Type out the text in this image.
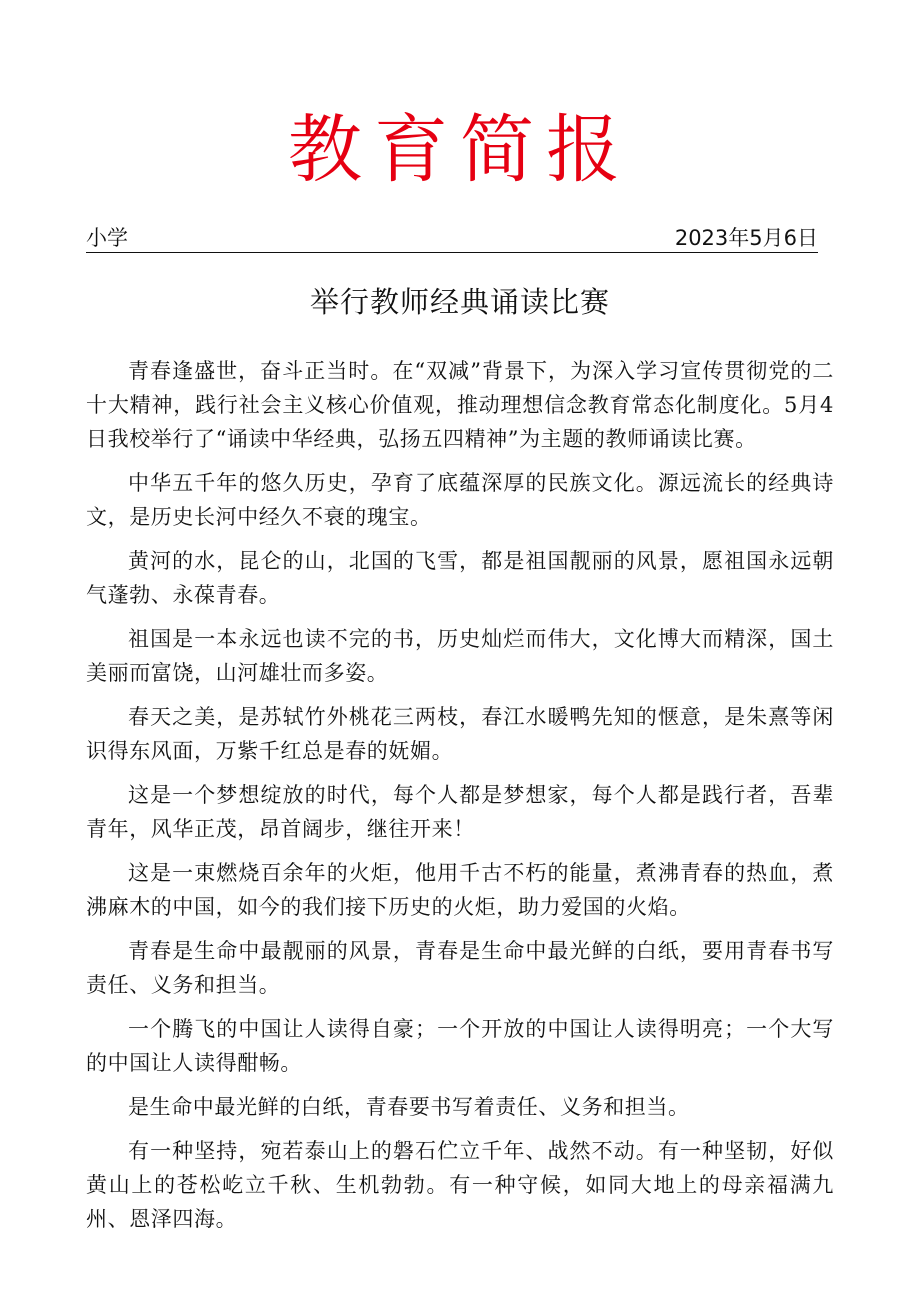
教育简报
小学	2023年5月6日
举行教师经典诵读比赛

青春逢盛世，奋斗正当时。在“双减”背景下，为深入学习宣传贯彻党的二十大精神，践行社会主义核心价值观，推动理想信念教育常态化制度化。5月4日我校举行了“诵读中华经典，弘扬五四精神”为主题的教师诵读比赛。

中华五千年的悠久历史，孕育了底蕴深厚的民族文化。源远流长的经典诗文，是历史长河中经久不衰的瑰宝。

黄河的水，昆仑的山，北国的飞雪，都是祖国靓丽的风景，愿祖国永远朝气蓬勃、永葆青春。

祖国是一本永远也读不完的书，历史灿烂而伟大，文化博大而精深，国土美丽而富饶，山河雄壮而多姿。

春天之美，是苏轼竹外桃花三两枝，春江水暖鸭先知的惬意，是朱熹等闲识得东风面，万紫千红总是春的妩媚。

这是一个梦想绽放的时代，每个人都是梦想家，每个人都是践行者，吾辈青年，风华正茂，昂首阔步，继往开来！

这是一束燃烧百余年的火炬，他用千古不朽的能量，煮沸青春的热血，煮沸麻木的中国，如今的我们接下历史的火炬，助力爱国的火焰。

青春是生命中最靓丽的风景，青春是生命中最光鲜的白纸，要用青春书写责任、义务和担当。

一个腾飞的中国让人读得自豪；一个开放的中国让人读得明亮；一个大写的中国让人读得酣畅。

是生命中最光鲜的白纸，青春要书写着责任、义务和担当。

有一种坚持，宛若泰山上的磐石伫立千年、战然不动。有一种坚韧，好似黄山上的苍松屹立千秋、生机勃勃。有一种守候，如同大地上的母亲福满九州、恩泽四海。
